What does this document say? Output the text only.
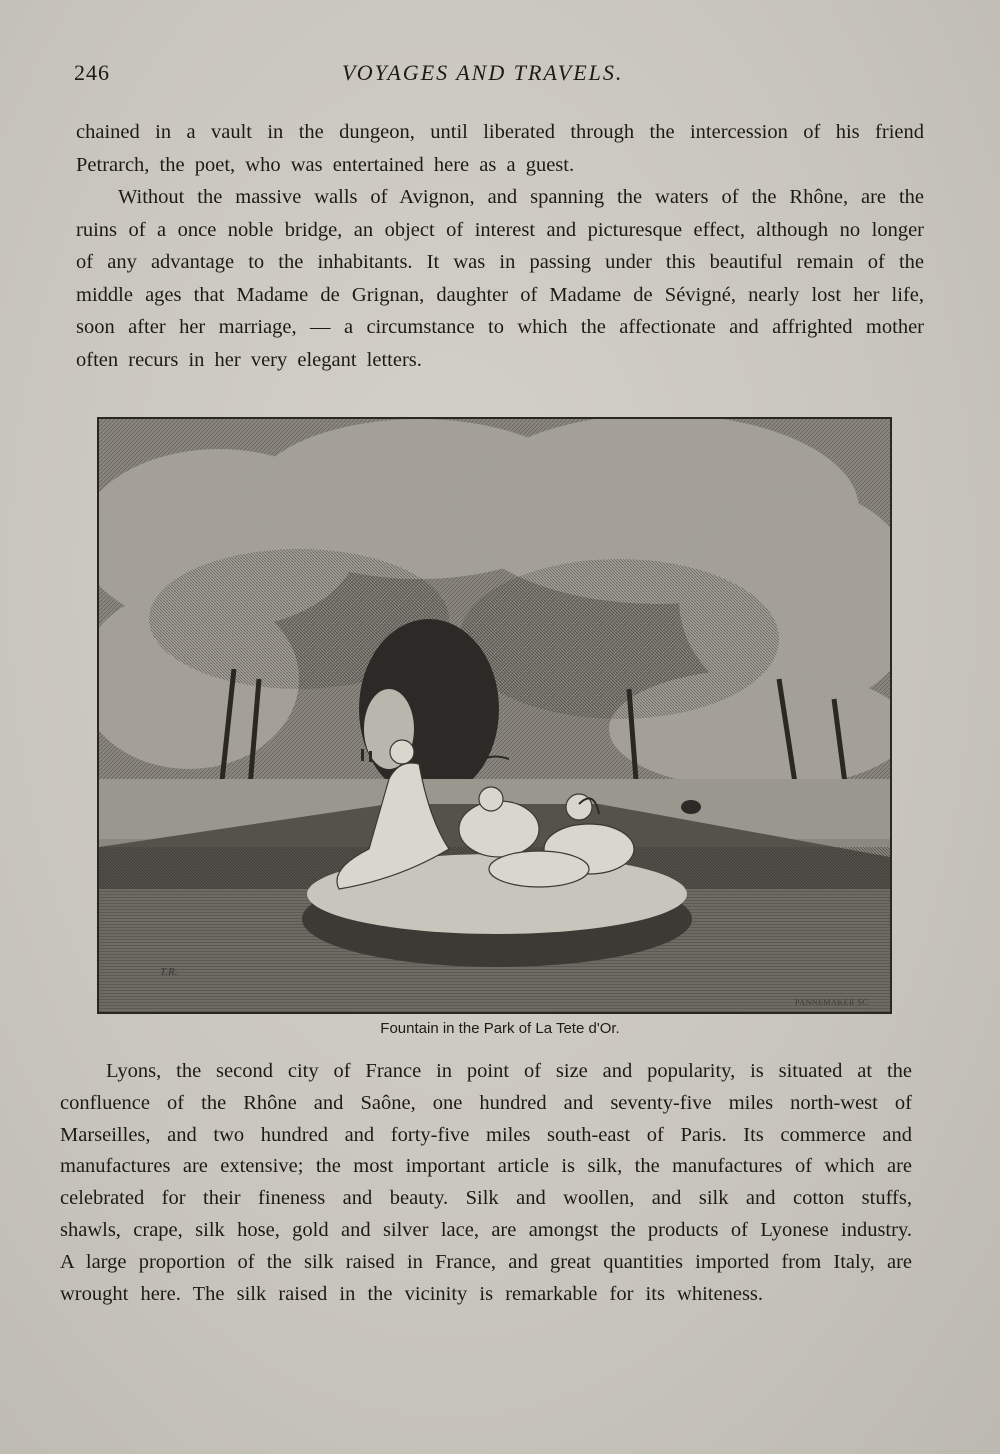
246	VOYAGES AND TRAVELS.

chained in a vault in the dungeon, until liberated through the intercession of his friend Petrarch, the poet, who was entertained here as a guest.

Without the massive walls of Avignon, and spanning the waters of the Rhône, are the ruins of a once noble bridge, an object of interest and picturesque effect, although no longer of any advantage to the inhabitants. It was in passing under this beautiful remain of the middle ages that Madame de Grignan, daughter of Madame de Sévigné, nearly lost her life, soon after her marriage, — a circumstance to which the affectionate and affrighted mother often recurs in her very elegant letters.

T.R.
PANNEMAKER SC.
Fountain in the Park of La Tete d'Or.

Lyons, the second city of France in point of size and popularity, is situated at the confluence of the Rhône and Saône, one hundred and seventy-five miles north-west of Marseilles, and two hundred and forty-five miles south-east of Paris. Its commerce and manufactures are extensive; the most important article is silk, the manufactures of which are celebrated for their fineness and beauty. Silk and woollen, and silk and cotton stuffs, shawls, crape, silk hose, gold and silver lace, are amongst the products of Lyonese industry. A large proportion of the silk raised in France, and great quantities imported from Italy, are wrought here. The silk raised in the vicinity is remarkable for its whiteness.
